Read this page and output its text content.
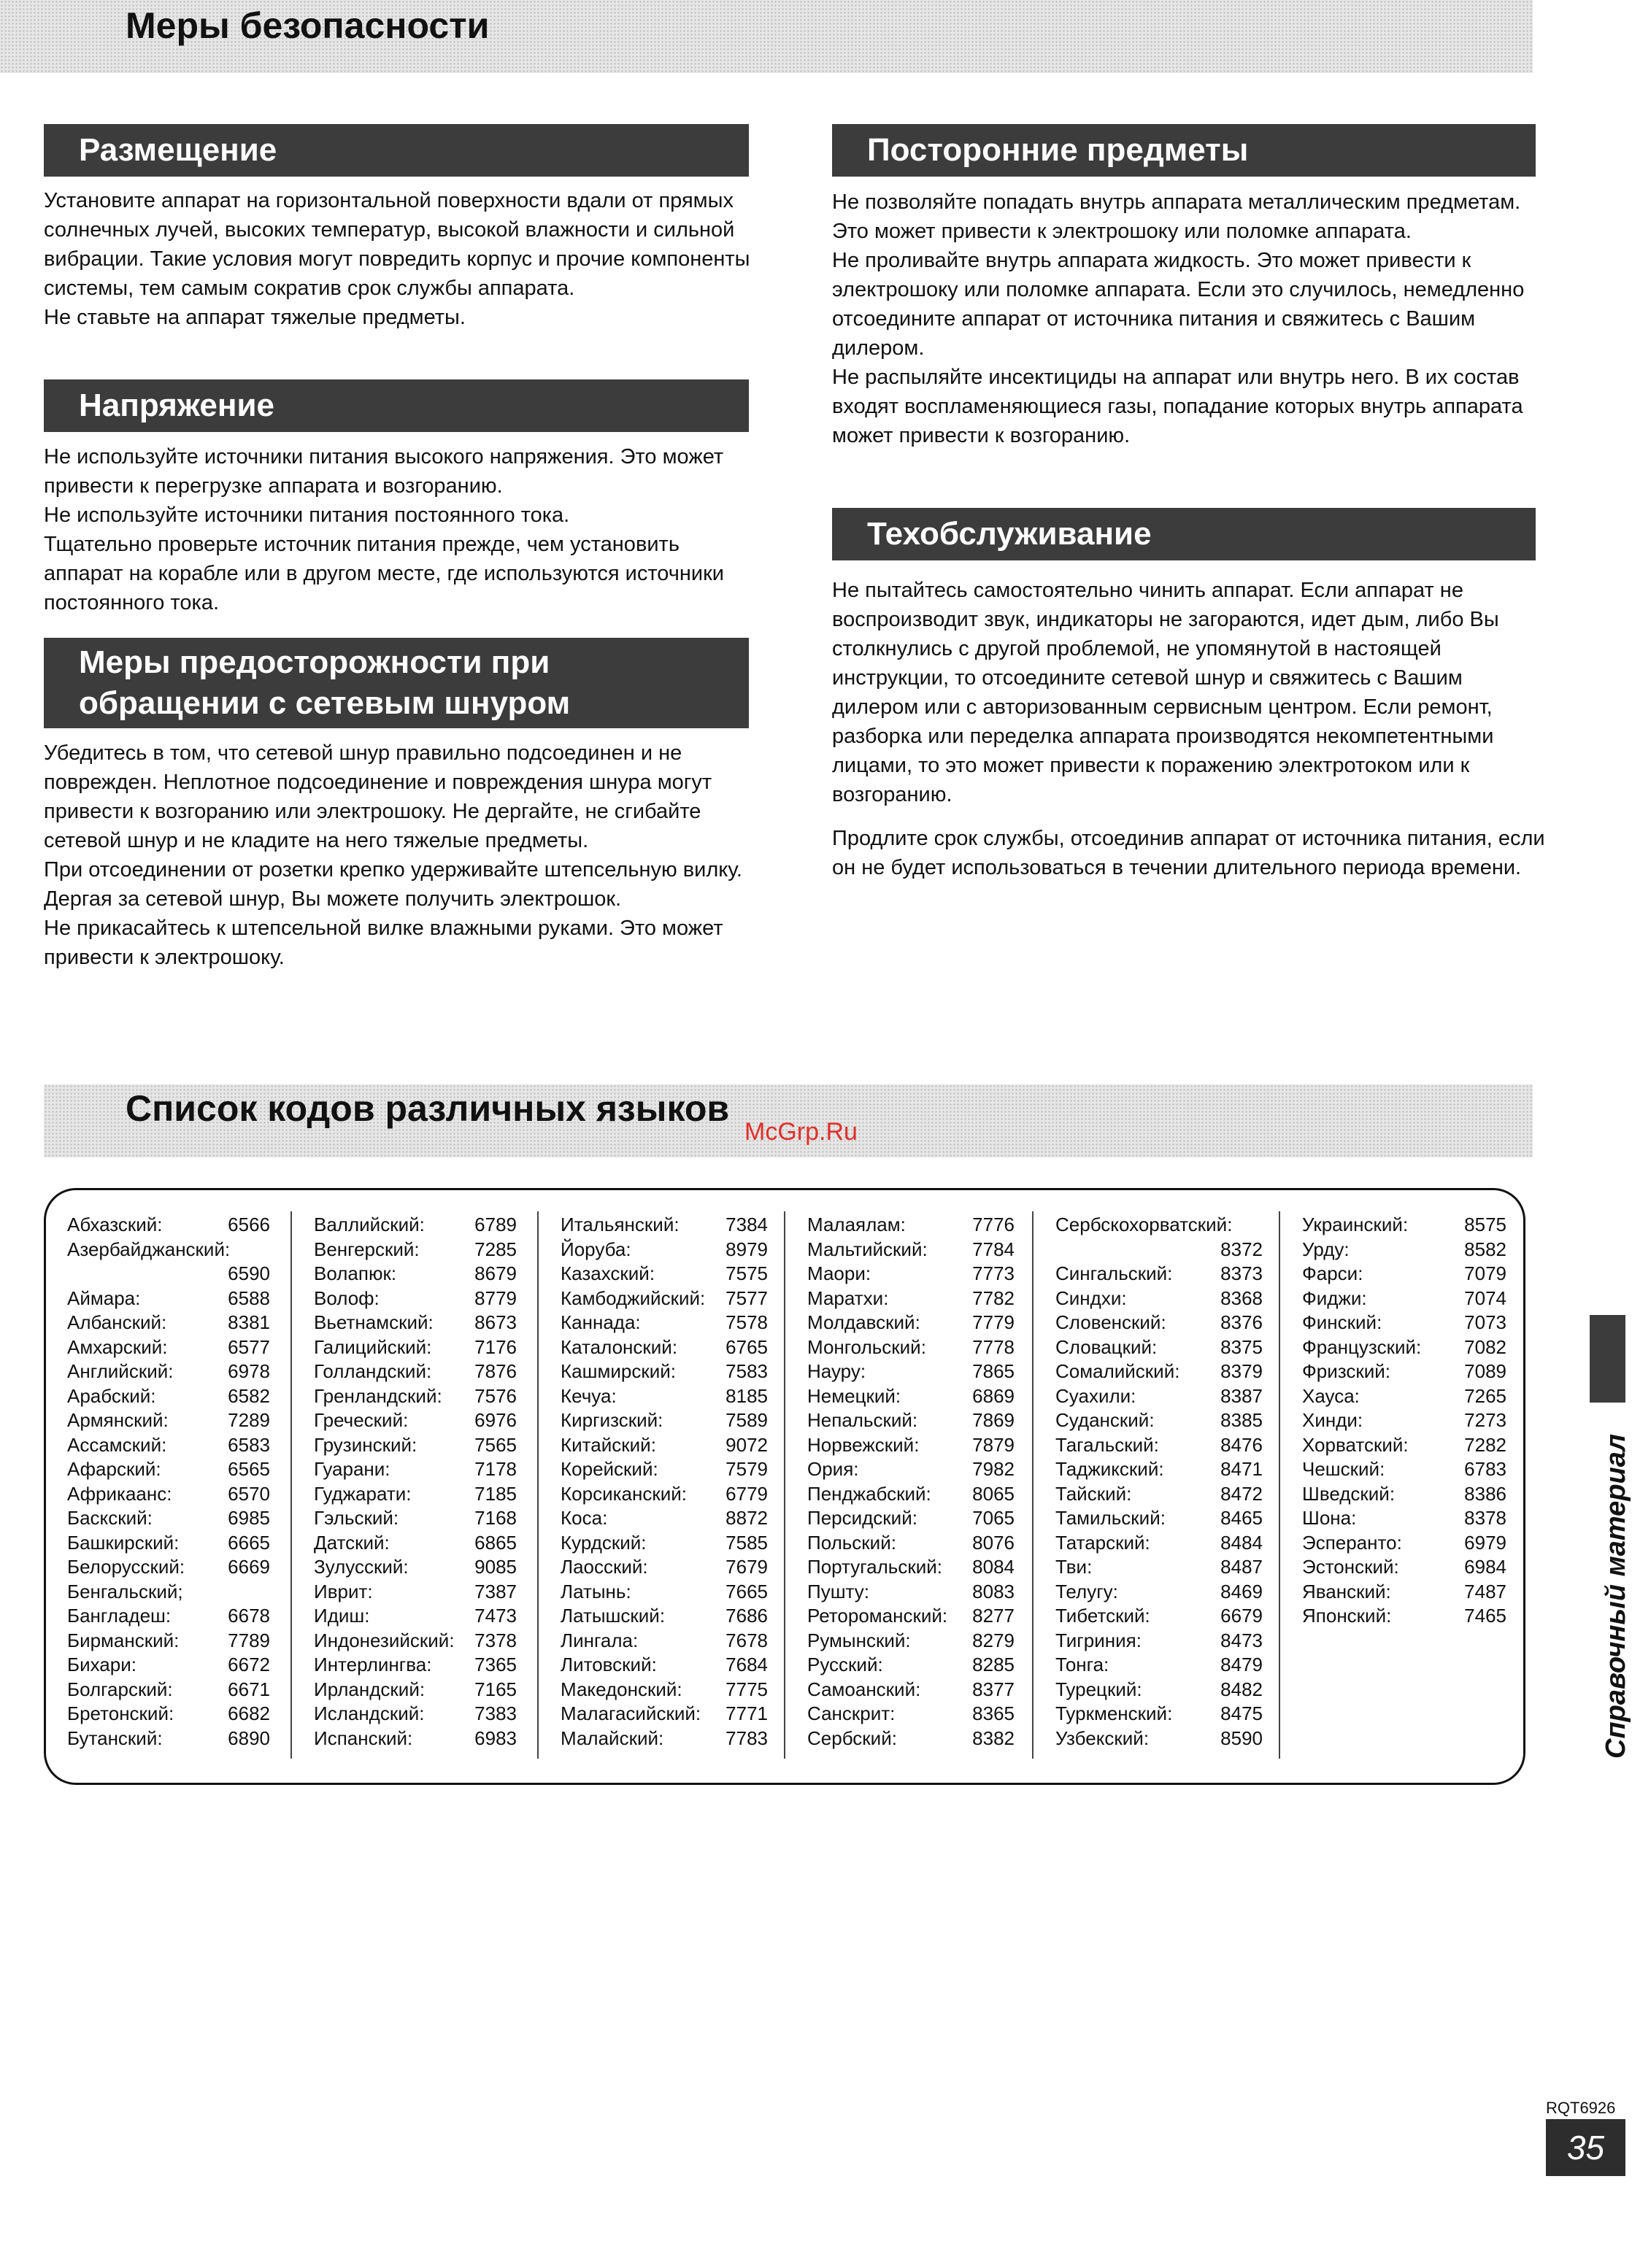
Меры безопасности
Размещение

Установите аппарат на горизонтальной поверхности вдали от прямых солнечных лучей, высоких температур, высокой влажности и сильной вибрации. Такие условия могут повредить корпус и прочие компоненты системы, тем самым сократив срок службы аппарата.

Не ставьте на аппарат тяжелые предметы.

Напряжение

Не используйте источники питания высокого напряжения. Это может привести к перегрузке аппарата и возгоранию.

Не используйте источники питания постоянного тока.

Тщательно проверьте источник питания прежде, чем установить аппарат на корабле или в другом месте, где используются источники постоянного тока.

Меры предосторожности при
обращении с сетевым шнуром

Убедитесь в том, что сетевой шнур правильно подсоединен и не поврежден. Неплотное подсоединение и повреждения шнура могут привести к возгоранию или электрошоку. Не дергайте, не сгибайте сетевой шнур и не кладите на него тяжелые предметы.

При отсоединении от розетки крепко удерживайте штепсельную вилку. Дергая за сетевой шнур, Вы можете получить электрошок.

Не прикасайтесь к штепсельной вилке влажными руками. Это может привести к электрошоку.

Посторонние предметы

Не позволяйте попадать внутрь аппарата металлическим предметам. Это может привести к электрошоку или поломке аппарата.

Не проливайте внутрь аппарата жидкость. Это может привести к электрошоку или поломке аппарата. Если это случилось, немедленно отсоедините аппарат от источника питания и свяжитесь с Вашим дилером.

Не распыляйте инсектициды на аппарат или внутрь него. В их состав входят воспламеняющиеся газы, попадание которых внутрь аппарата может привести к возгоранию.

Техобслуживание

Не пытайтесь самостоятельно чинить аппарат. Если аппарат не воспроизводит звук, индикаторы не загораются, идет дым, либо Вы столкнулись с другой проблемой, не упомянутой в настоящей инструкции, то отсоедините сетевой шнур и свяжитесь с Вашим дилером или с авторизованным сервисным центром. Если ремонт, разборка или переделка аппарата производятся некомпетентными лицами, то это может привести к поражению электротоком или к возгоранию.

Продлите срок службы, отсоединив аппарат от источника питания, если он не будет использоваться в течении длительного периода времени.

Список кодов различных языков
McGrp.Ru
Абхазский:	6566
Азербайджанский:
6590
Аймара:	6588
Албанский:	8381
Амхарский:	6577
Английский:	6978
Арабский:	6582
Армянский:	7289
Ассамский:	6583
Афарский:	6565
Африкаанс:	6570
Баскский:	6985
Башкирский:	6665
Белорусский:	6669
Бенгальский;
Бангладеш:	6678
Бирманский:	7789
Бихари:	6672
Болгарский:	6671
Бретонский:	6682
Бутанский:	6890
Валлийский:	6789
Венгерский:	7285
Волапюк:	8679
Волоф:	8779
Вьетнамский:	8673
Галицийский:	7176
Голландский:	7876
Гренландский:	7576
Греческий:	6976
Грузинский:	7565
Гуарани:	7178
Гуджарати:	7185
Гэльский:	7168
Датский:	6865
Зулусский:	9085
Иврит:	7387
Идиш:	7473
Индонезийский:	7378
Интерлингва:	7365
Ирландский:	7165
Исландский:	7383
Испанский:	6983
Итальянский:	7384
Йоруба:	8979
Казахский:	7575
Камбоджийский:	7577
Каннада:	7578
Каталонский:	6765
Кашмирский:	7583
Кечуа:	8185
Киргизский:	7589
Китайский:	9072
Корейский:	7579
Корсиканский:	6779
Коса:	8872
Курдский:	7585
Лаосский:	7679
Латынь:	7665
Латышский:	7686
Лингала:	7678
Литовский:	7684
Македонский:	7775
Малагасийский:	7771
Малайский:	7783
Малаялам:	7776
Мальтийский:	7784
Маори:	7773
Маратхи:	7782
Молдавский:	7779
Монгольский:	7778
Науру:	7865
Немецкий:	6869
Непальский:	7869
Норвежский:	7879
Ория:	7982
Пенджабский:	8065
Персидский:	7065
Польский:	8076
Португальский:	8084
Пушту:	8083
Ретороманский:	8277
Румынский:	8279
Русский:	8285
Самоанский:	8377
Санскрит:	8365
Сербский:	8382
Сербскохорватский:
8372
Сингальский:	8373
Синдхи:	8368
Словенский:	8376
Словацкий:	8375
Сомалийский:	8379
Суахили:	8387
Суданский:	8385
Тагальский:	8476
Таджикский:	8471
Тайский:	8472
Тамильский:	8465
Татарский:	8484
Тви:	8487
Телугу:	8469
Тибетский:	6679
Тигриния:	8473
Тонга:	8479
Турецкий:	8482
Туркменский:	8475
Узбекский:	8590
Украинский:	8575
Урду:	8582
Фарси:	7079
Фиджи:	7074
Финский:	7073
Французский:	7082
Фризский:	7089
Хауса:	7265
Хинди:	7273
Хорватский:	7282
Чешский:	6783
Шведский:	8386
Шона:	8378
Эсперанто:	6979
Эстонский:	6984
Яванский:	7487
Японский:	7465	Справочный материал
RQT6926
35
